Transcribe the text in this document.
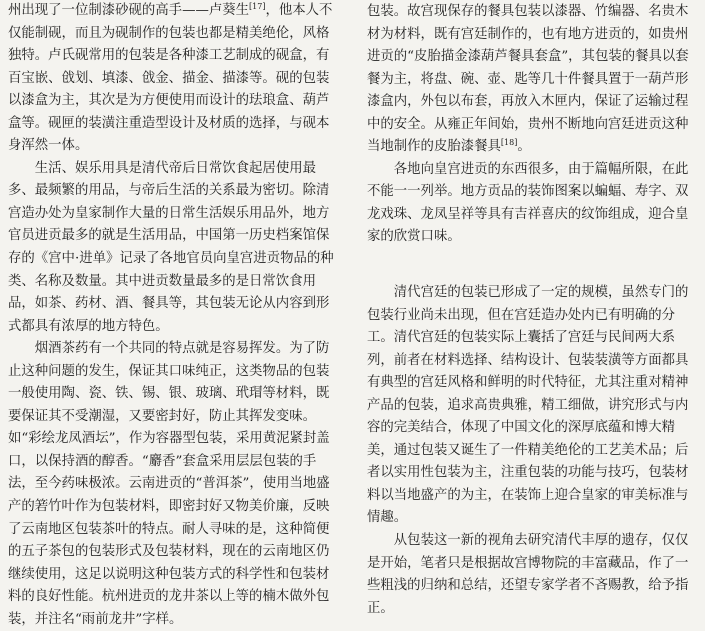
州出现了一位制漆砂砚的高手——卢葵生[17]，他本人不仅能制砚，而且为砚制作的包装也都是精美绝伦，风格独特。卢氏砚常用的包装是各种漆工艺制成的砚盒，有百宝嵌、戗划、填漆、戗金、描金、描漆等。砚的包装以漆盒为主，其次是为方便使用而设计的珐琅盒、葫芦盒等。砚匣的装潢注重造型设计及材质的选择，与砚本身浑然一体。

生活、娱乐用具是清代帝后日常饮食起居使用最多、最频繁的用品，与帝后生活的关系最为密切。除清宫造办处为皇家制作大量的日常生活娱乐用品外，地方官员进贡最多的就是生活用品，中国第一历史档案馆保存的《宫中·进单》记录了各地官员向皇宫进贡物品的种类、名称及数量。其中进贡数量最多的是日常饮食用品，如茶、药材、酒、餐具等，其包装无论从内容到形式都具有浓厚的地方特色。

烟酒茶药有一个共同的特点就是容易挥发。为了防止这种问题的发生，保证其口味纯正，这类物品的包装一般使用陶、瓷、铁、锡、银、玻璃、玳瑁等材料，既要保证其不受潮湿，又要密封好，防止其挥发变味。如“彩绘龙凤酒坛”，作为容器型包装，采用黄泥紧封盖口，以保持酒的醇香。“麝香”套盒采用层层包装的手法，至今药味极浓。云南进贡的“普洱茶”，使用当地盛产的箬竹叶作为包装材料，即密封好又物美价廉，反映了云南地区包装茶叶的特点。耐人寻味的是，这种简便的五子茶包的包装形式及包装材料，现在的云南地区仍继续使用，这足以说明这种包装方式的科学性和包装材料的良好性能。杭州进贡的龙井茶以上等的楠木做外包装，并注名“雨前龙井”字样。

包装。故宫现保存的餐具包装以漆器、竹编器、名贵木材为材料，既有宫廷制作的，也有地方进贡的，如贵州进贡的“皮胎描金漆葫芦餐具套盒”，其包装的餐具以套餐为主，将盘、碗、壶、匙等几十件餐具置于一葫芦形漆盒内，外包以布套，再放入木匣内，保证了运输过程中的安全。从雍正年间始，贵州不断地向宫廷进贡这种当地制作的皮胎漆餐具[18]。

各地向皇宫进贡的东西很多，由于篇幅所限，在此不能一一列举。地方贡品的装饰图案以蝙蝠、寿字、双龙戏珠、龙凤呈祥等具有吉祥喜庆的纹饰组成，迎合皇家的欣赏口味。

清代宫廷的包装已形成了一定的规模，虽然专门的包装行业尚未出现，但在宫廷造办处内已有明确的分工。清代宫廷的包装实际上囊括了宫廷与民间两大系列，前者在材料选择、结构设计、包装装潢等方面都具有典型的宫廷风格和鲜明的时代特征，尤其注重对精神产品的包装，追求高贵典雅，精工细做，讲究形式与内容的完美结合，体现了中国文化的深厚底蕴和博大精美，通过包装又诞生了一件精美绝伦的工艺美术品；后者以实用性包装为主，注重包装的功能与技巧，包装材料以当地盛产的为主，在装饰上迎合皇家的审美标准与情趣。

从包装这一新的视角去研究清代丰厚的遗存，仅仅是开始，笔者只是根据故宫博物院的丰富藏品，作了一些粗浅的归纳和总结，还望专家学者不吝赐教，给予指正。
